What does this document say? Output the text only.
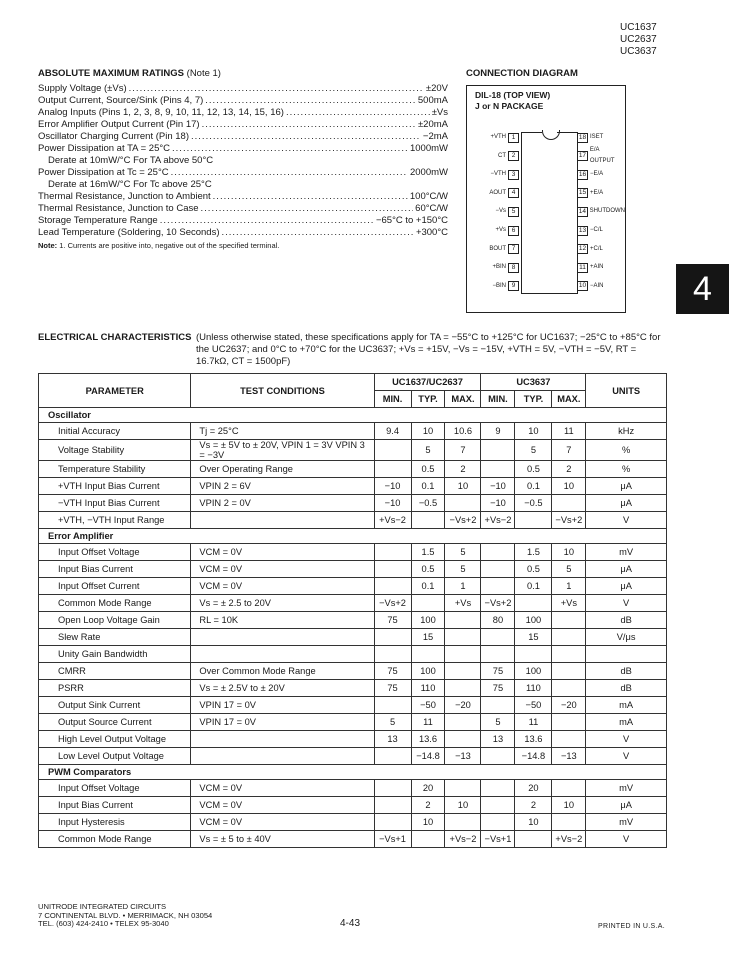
UC1637
UC2637
UC3637
ABSOLUTE MAXIMUM RATINGS (Note 1)
Supply Voltage (±Vs) .....	±20V
Output Current, Source/Sink (Pins 4, 7) .....	500mA
Analog Inputs (Pins 1, 2, 3, 8, 9, 10, 11, 12, 13, 14, 15, 16) .....	±Vs
Error Amplifier Output Current (Pin 17) .....	±20mA
Oscillator Charging Current (Pin 18) .....	−2mA
Power Dissipation at TA = 25°C .....	1000mW
Derate at 10mW/°C For TA above 50°C
Power Dissipation at Tc = 25°C .....	2000mW
Derate at 16mW/°C For Tc above 25°C
Thermal Resistance, Junction to Ambient .....	100°C/W
Thermal Resistance, Junction to Case .....	60°C/W
Storage Temperature Range .....	−65°C to +150°C
Lead Temperature (Soldering, 10 Seconds) .....	+300°C
Note: 1. Currents are positive into, negative out of the specified terminal.
CONNECTION DIAGRAM
DIL-18 (TOP VIEW)
J or N PACKAGE
+VTH 1
CT 2
−VTH 3
AOUT 4
−Vs 5
+Vs 6
BOUT 7
+BIN 8
−BIN 9
18 ISET
17
E/A OUTPUT
16 −E/A
15 +E/A
14 SHUTDOWN
13 −C/L
12 +C/L
11 +AIN
10 −AIN	4
ELECTRICAL CHARACTERISTICS (Unless otherwise stated, these specifications apply for TA = −55°C to +125°C for UC1637; −25°C to +85°C for the UC2637; and 0°C to +70°C for the UC3637; +Vs = +15V, −Vs = −15V, +VTH = 5V, −VTH = −5V, RT = 16.7kΩ, CT = 1500pF)
PARAMETER	TEST CONDITIONS	UC1637/UC2637			UC3637			UNITS
		MIN.	TYP.	MAX.	MIN.	TYP.	MAX.	
Oscillator								
Initial Accuracy	Tj = 25°C	9.4	10	10.6	9	10	11	kHz
Voltage Stability	Vs = ± 5V to ± 20V, VPIN 1 = 3V VPIN 3 = −3V		5	7		5	7	%
Temperature Stability	Over Operating Range		0.5	2		0.5	2	%
+VTH Input Bias Current	VPIN 2 = 6V	−10	0.1	10	−10	0.1	10	μA
−VTH Input Bias Current	VPIN 2 = 0V	−10	−0.5		−10	−0.5		μA
+VTH, −VTH Input Range		+Vs−2		−Vs+2	+Vs−2		−Vs+2	V
Error Amplifier								
Input Offset Voltage	VCM = 0V		1.5	5		1.5	10	mV
Input Bias Current	VCM = 0V		0.5	5		0.5	5	μA
Input Offset Current	VCM = 0V		0.1	1		0.1	1	μA
Common Mode Range	Vs = ± 2.5 to 20V	−Vs+2		+Vs	−Vs+2		+Vs	V
Open Loop Voltage Gain	RL = 10K	75	100		80	100		dB
Slew Rate			15			15		V/μs
Unity Gain Bandwidth								
CMRR	Over Common Mode Range	75	100		75	100		dB
PSRR	Vs = ± 2.5V to ± 20V	75	110		75	110		dB
Output Sink Current	VPIN 17 = 0V		−50	−20		−50	−20	mA
Output Source Current	VPIN 17 = 0V	5	11		5	11		mA
High Level Output Voltage		13	13.6		13	13.6		V
Low Level Output Voltage			−14.8	−13		−14.8	−13	V
PWM Comparators								
Input Offset Voltage	VCM = 0V		20			20		mV
Input Bias Current	VCM = 0V		2	10		2	10	μA
Input Hysteresis	VCM = 0V		10			10		mV
Common Mode Range	Vs = ± 5 to ± 40V	−Vs+1		+Vs−2	−Vs+1		+Vs−2	V
UNITRODE INTEGRATED CIRCUITS
7 CONTINENTAL BLVD. • MERRIMACK, NH 03054
TEL. (603) 424-2410 • TELEX 95-3040	4-43	PRINTED IN U.S.A.
